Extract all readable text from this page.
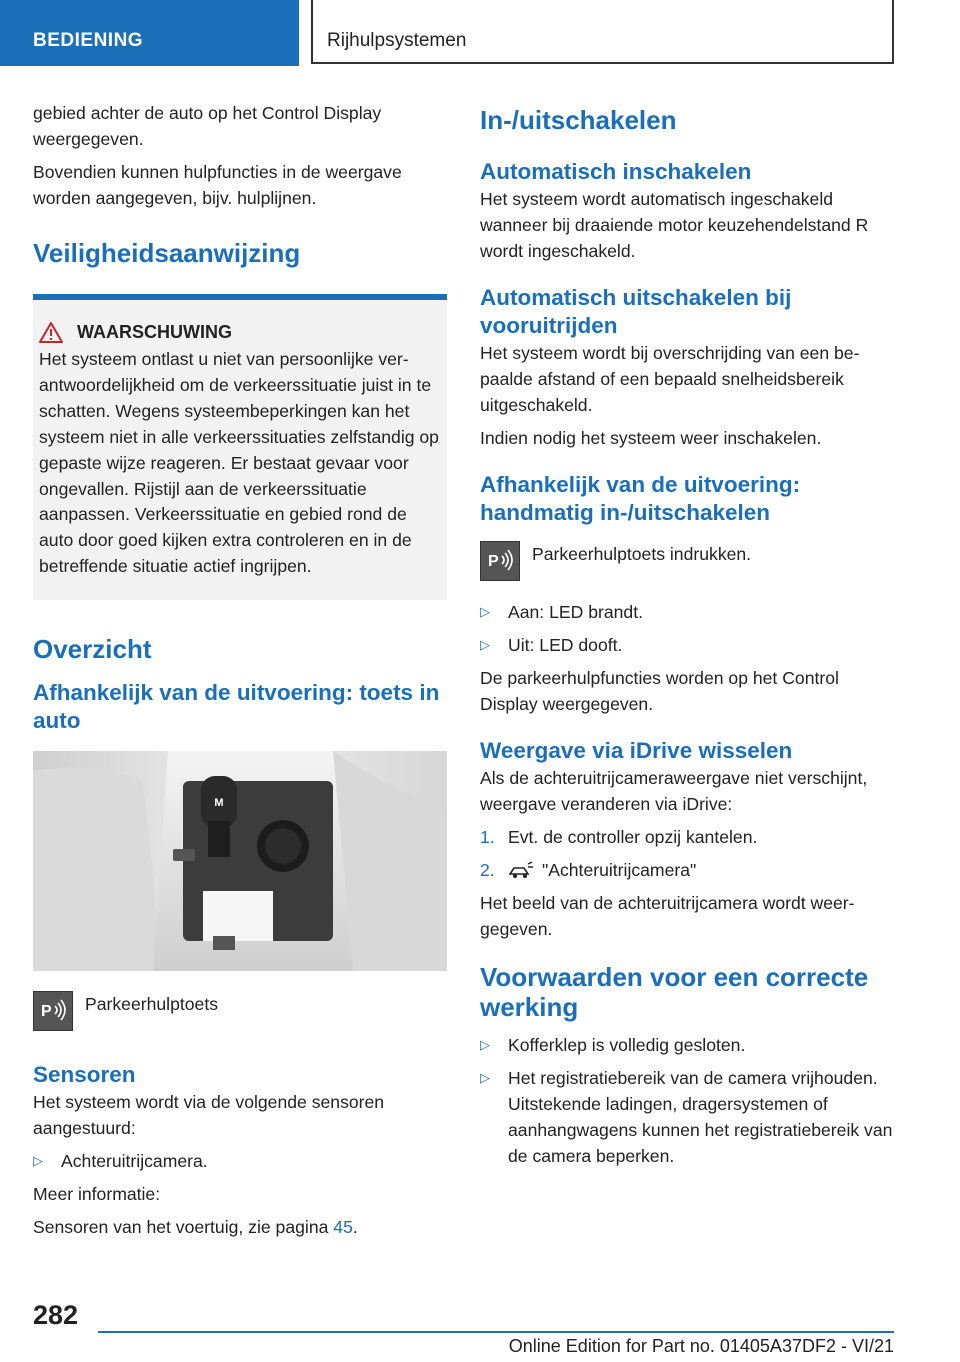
BEDIENING	Rijhulpsystemen

gebied achter de auto op het Control Display weergegeven.

Bovendien kunnen hulpfuncties in de weergave worden aangegeven, bijv. hulplijnen.

Veiligheidsaanwijzing
WAARSCHUWING

Het systeem ontlast u niet van persoonlijke verantwoordelijkheid om de verkeerssituatie juist in te schatten. Wegens systeembeperkingen kan het systeem niet in alle verkeerssituaties zelfstandig op gepaste wijze reageren. Er bestaat gevaar voor ongevallen. Rijstijl aan de verkeerssituatie aanpassen. Verkeerssituatie en gebied rond de auto door goed kijken extra controleren en in de betreffende situatie actief ingrijpen.

Overzicht
Afhankelijk van de uitvoering: toets in auto
M
P Parkeerhulptoets
Sensoren

Het systeem wordt via de volgende sensoren aangestuurd:

▷	Achteruitrijcamera.

Meer informatie:

Sensoren van het voertuig, zie pagina 45.

In-/uitschakelen
Automatisch inschakelen

Het systeem wordt automatisch ingeschakeld wanneer bij draaiende motor keuzehendelstand R wordt ingeschakeld.

Automatisch uitschakelen bij vooruitrijden

Het systeem wordt bij overschrijding van een bepaalde afstand of een bepaald snelheidsbereik uitgeschakeld.

Indien nodig het systeem weer inschakelen.

Afhankelijk van de uitvoering: handmatig in-/uitschakelen
P Parkeerhulptoets indrukken.
▷	Aan: LED brandt.
▷	Uit: LED dooft.

De parkeerhulpfuncties worden op het Control Display weergegeven.

Weergave via iDrive wisselen

Als de achteruitrijcameraweergave niet verschijnt, weergave veranderen via iDrive:

1. Evt. de controller opzij kantelen.
2.	"Achteruitrijcamera"

Het beeld van de achteruitrijcamera wordt weergegeven.

Voorwaarden voor een correcte werking
▷	Kofferklep is volledig gesloten.
▷	Het registratiebereik van de camera vrijhouden. Uitstekende ladingen, dragersystemen of aanhangwagens kunnen het registratiebereik van de camera beperken.
282
Online Edition for Part no. 01405A37DF2 - VI/21
